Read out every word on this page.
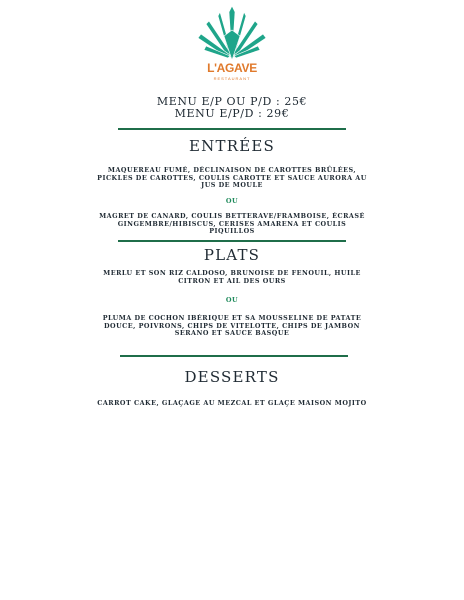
L'AGAVE
RESTAURANT
MENU E/P OU P/D : 25€
MENU E/P/D : 29€
ENTRÉES
MAQUEREAU FUMÉ, DÉCLINAISON DE CAROTTES BRÛLÉES, PICKLES DE CAROTTES, COULIS CAROTTE ET SAUCE AURORA AU JUS DE MOULE
OU
MAGRET DE CANARD, COULIS BETTERAVE/FRAMBOISE, ÉCRASÉ GINGEMBRE/HIBISCUS, CERISES AMARENA ET COULIS PIQUILLOS
PLATS
MERLU ET SON RIZ CALDOSO, BRUNOISE DE FENOUIL, HUILE CITRON ET AIL DES OURS
OU
PLUMA DE COCHON IBÉRIQUE ET SA MOUSSELINE DE PATATE DOUCE, POIVRONS, CHIPS DE VITELOTTE, CHIPS DE JAMBON SERANO ET SAUCE BASQUE
DESSERTS
CARROT CAKE, GLAÇAGE AU MEZCAL ET GLAÇE MAISON MOJITO
